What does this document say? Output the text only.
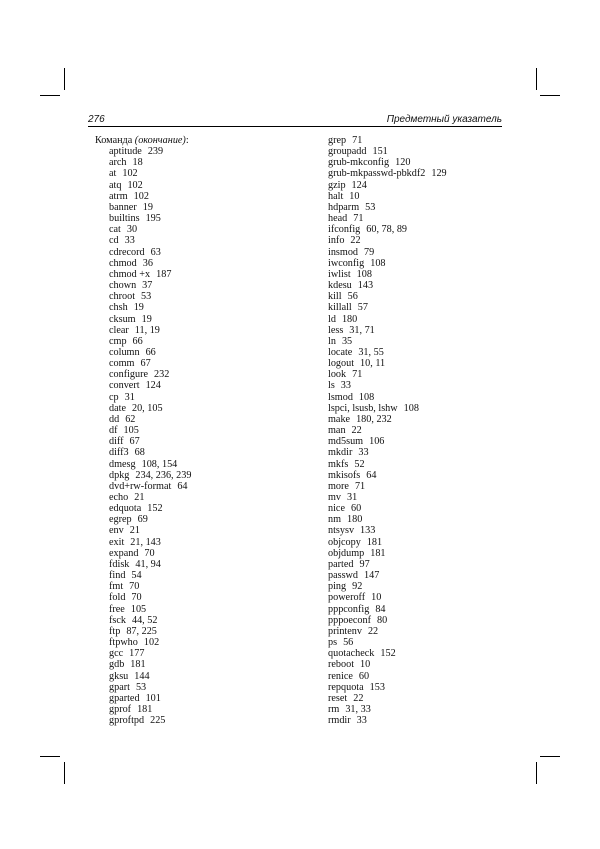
276	Предметный указатель
Команда (окончание):
aptitude 239
arch 18
at 102
atq 102
atrm 102
banner 19
builtins 195
cat 30
cd 33
cdrecord 63
chmod 36
chmod +x 187
chown 37
chroot 53
chsh 19
cksum 19
clear 11, 19
cmp 66
column 66
comm 67
configure 232
convert 124
cp 31
date 20, 105
dd 62
df 105
diff 67
diff3 68
dmesg 108, 154
dpkg 234, 236, 239
dvd+rw-format 64
echo 21
edquota 152
egrep 69
env 21
exit 21, 143
expand 70
fdisk 41, 94
find 54
fmt 70
fold 70
free 105
fsck 44, 52
ftp 87, 225
ftpwho 102
gcc 177
gdb 181
gksu 144
gpart 53
gparted 101
gprof 181
gproftpd 225
grep 71
groupadd 151
grub-mkconfig 120
grub-mkpasswd-pbkdf2 129
gzip 124
halt 10
hdparm 53
head 71
ifconfig 60, 78, 89
info 22
insmod 79
iwconfig 108
iwlist 108
kdesu 143
kill 56
killall 57
ld 180
less 31, 71
ln 35
locate 31, 55
logout 10, 11
look 71
ls 33
lsmod 108
lspci, lsusb, lshw 108
make 180, 232
man 22
md5sum 106
mkdir 33
mkfs 52
mkisofs 64
more 71
mv 31
nice 60
nm 180
ntsysv 133
objcopy 181
objdump 181
parted 97
passwd 147
ping 92
poweroff 10
pppconfig 84
pppoeconf 80
printenv 22
ps 56
quotacheck 152
reboot 10
renice 60
repquota 153
reset 22
rm 31, 33
rmdir 33
